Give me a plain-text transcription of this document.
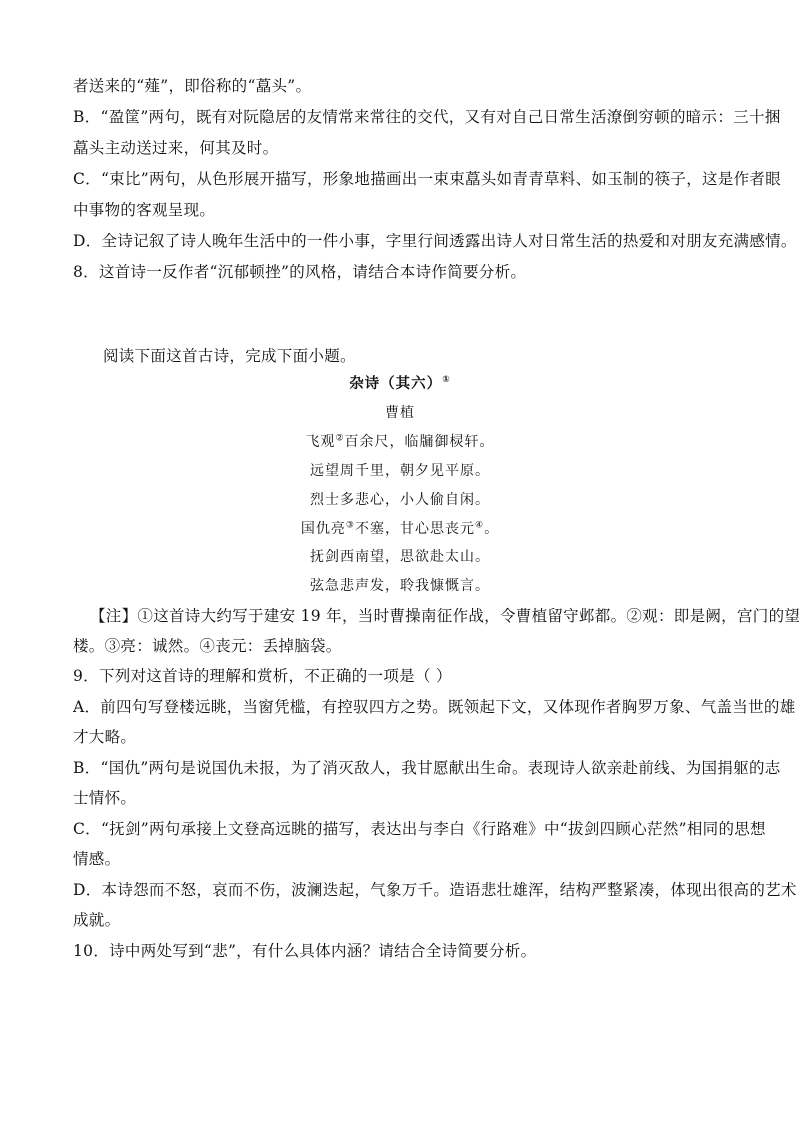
者送来的“薤”，即俗称的“藠头”。
B．“盈筐”两句，既有对阮隐居的友情常来常往的交代，又有对自己日常生活潦倒穷顿的暗示：三十捆
藠头主动送过来，何其及时。
C．“束比”两句，从色形展开描写，形象地描画出一束束藠头如青青草料、如玉制的筷子，这是作者眼
中事物的客观呈现。
D．全诗记叙了诗人晚年生活中的一件小事，字里行间透露出诗人对日常生活的热爱和对朋友充满感情。
8．这首诗一反作者“沉郁顿挫”的风格，请结合本诗作简要分析。
阅读下面这首古诗，完成下面小题。
杂诗（其六）①
曹植
飞观②百余尺，临牖御棂轩。
远望周千里，朝夕见平原。
烈士多悲心，小人偷自闲。
国仇亮③不塞，甘心思丧元④。
抚剑西南望，思欲赴太山。
弦急悲声发，聆我慷慨言。
【注】①这首诗大约写于建安 19 年，当时曹操南征作战，令曹植留守邺都。②观：即是阙，宫门的望
楼。③亮：诚然。④丧元：丢掉脑袋。
9．下列对这首诗的理解和赏析，不正确的一项是（ ）
A．前四句写登楼远眺，当窗凭槛，有控驭四方之势。既领起下文，又体现作者胸罗万象、气盖当世的雄
才大略。
B．“国仇”两句是说国仇未报，为了消灭敌人，我甘愿献出生命。表现诗人欲亲赴前线、为国捐躯的志
士情怀。
C．“抚剑”两句承接上文登高远眺的描写，表达出与李白《行路难》中“拔剑四顾心茫然”相同的思想
情感。
D．本诗怨而不怒，哀而不伤，波澜迭起，气象万千。造语悲壮雄浑，结构严整紧凑，体现出很高的艺术
成就。
10．诗中两处写到“悲”，有什么具体内涵？请结合全诗简要分析。
